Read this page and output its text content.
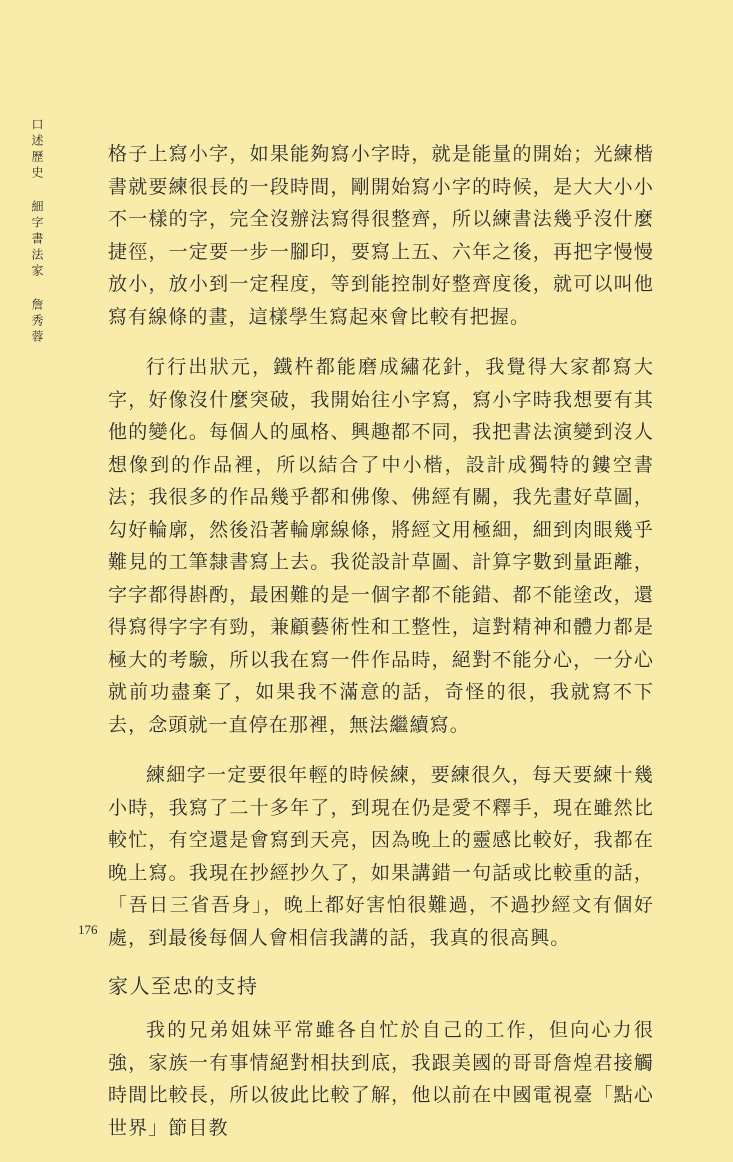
口述歷史
細字書法家
詹秀蓉

格子上寫小字，如果能夠寫小字時，就是能量的開始；光練楷書就要練很長的一段時間，剛開始寫小字的時候，是大大小小不一樣的字，完全沒辦法寫得很整齊，所以練書法幾乎沒什麼捷徑，一定要一步一腳印，要寫上五、六年之後，再把字慢慢放小，放小到一定程度，等到能控制好整齊度後，就可以叫他寫有線條的畫，這樣學生寫起來會比較有把握。

行行出狀元，鐵杵都能磨成繡花針，我覺得大家都寫大字，好像沒什麼突破，我開始往小字寫，寫小字時我想要有其他的變化。每個人的風格、興趣都不同，我把書法演變到沒人想像到的作品裡，所以結合了中小楷，設計成獨特的鏤空書法；我很多的作品幾乎都和佛像、佛經有關，我先畫好草圖，勾好輪廓，然後沿著輪廓線條，將經文用極細，細到肉眼幾乎難見的工筆隸書寫上去。我從設計草圖、計算字數到量距離，字字都得斟酌，最困難的是一個字都不能錯、都不能塗改，還得寫得字字有勁，兼顧藝術性和工整性，這對精神和體力都是極大的考驗，所以我在寫一件作品時，絕對不能分心，一分心就前功盡棄了，如果我不滿意的話，奇怪的很，我就寫不下去，念頭就一直停在那裡，無法繼續寫。

練細字一定要很年輕的時候練，要練很久，每天要練十幾小時，我寫了二十多年了，到現在仍是愛不釋手，現在雖然比較忙，有空還是會寫到天亮，因為晚上的靈感比較好，我都在晚上寫。我現在抄經抄久了，如果講錯一句話或比較重的話，「吾日三省吾身」，晚上都好害怕很難過，不過抄經文有個好處，到最後每個人會相信我講的話，我真的很高興。

家人至忠的支持

我的兄弟姐妹平常雖各自忙於自己的工作，但向心力很強，家族一有事情絕對相扶到底，我跟美國的哥哥詹煌君接觸時間比較長，所以彼此比較了解，他以前在中國電視臺「點心世界」節目教

176
